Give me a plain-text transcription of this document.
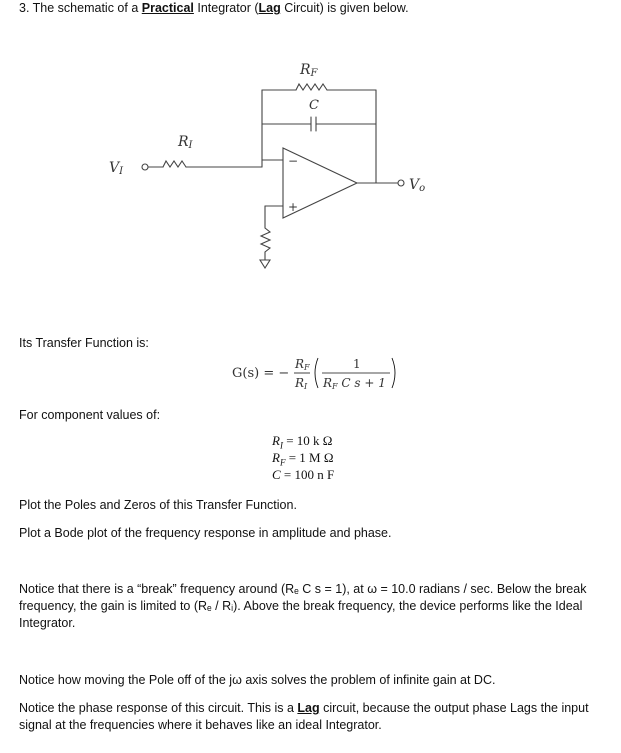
3. The schematic of a Practical Integrator (Lag Circuit) is given below.
RF
C
RI
VI
Vo
−
+
Its Transfer Function is:
G(s) = −
RF
RI
1
RF C s + 1
For component values of:
$R_I = 10$ k Ω
$R_F = 1$ M Ω
C = 100 n F
Plot the Poles and Zeros of this Transfer Function.
Plot a Bode plot of the frequency response in amplitude and phase.
Notice that there is a “break” frequency around (Rₑ C s = 1), at ω = 10.0 radians / sec. Below the break frequency, the gain is limited to (Rₑ / Rᵢ). Above the break frequency, the device performs like the Ideal Integrator.
Notice how moving the Pole off of the jω axis solves the problem of infinite gain at DC.
Notice the phase response of this circuit. This is a Lag circuit, because the output phase Lags the input signal at the frequencies where it behaves like an ideal Integrator.
